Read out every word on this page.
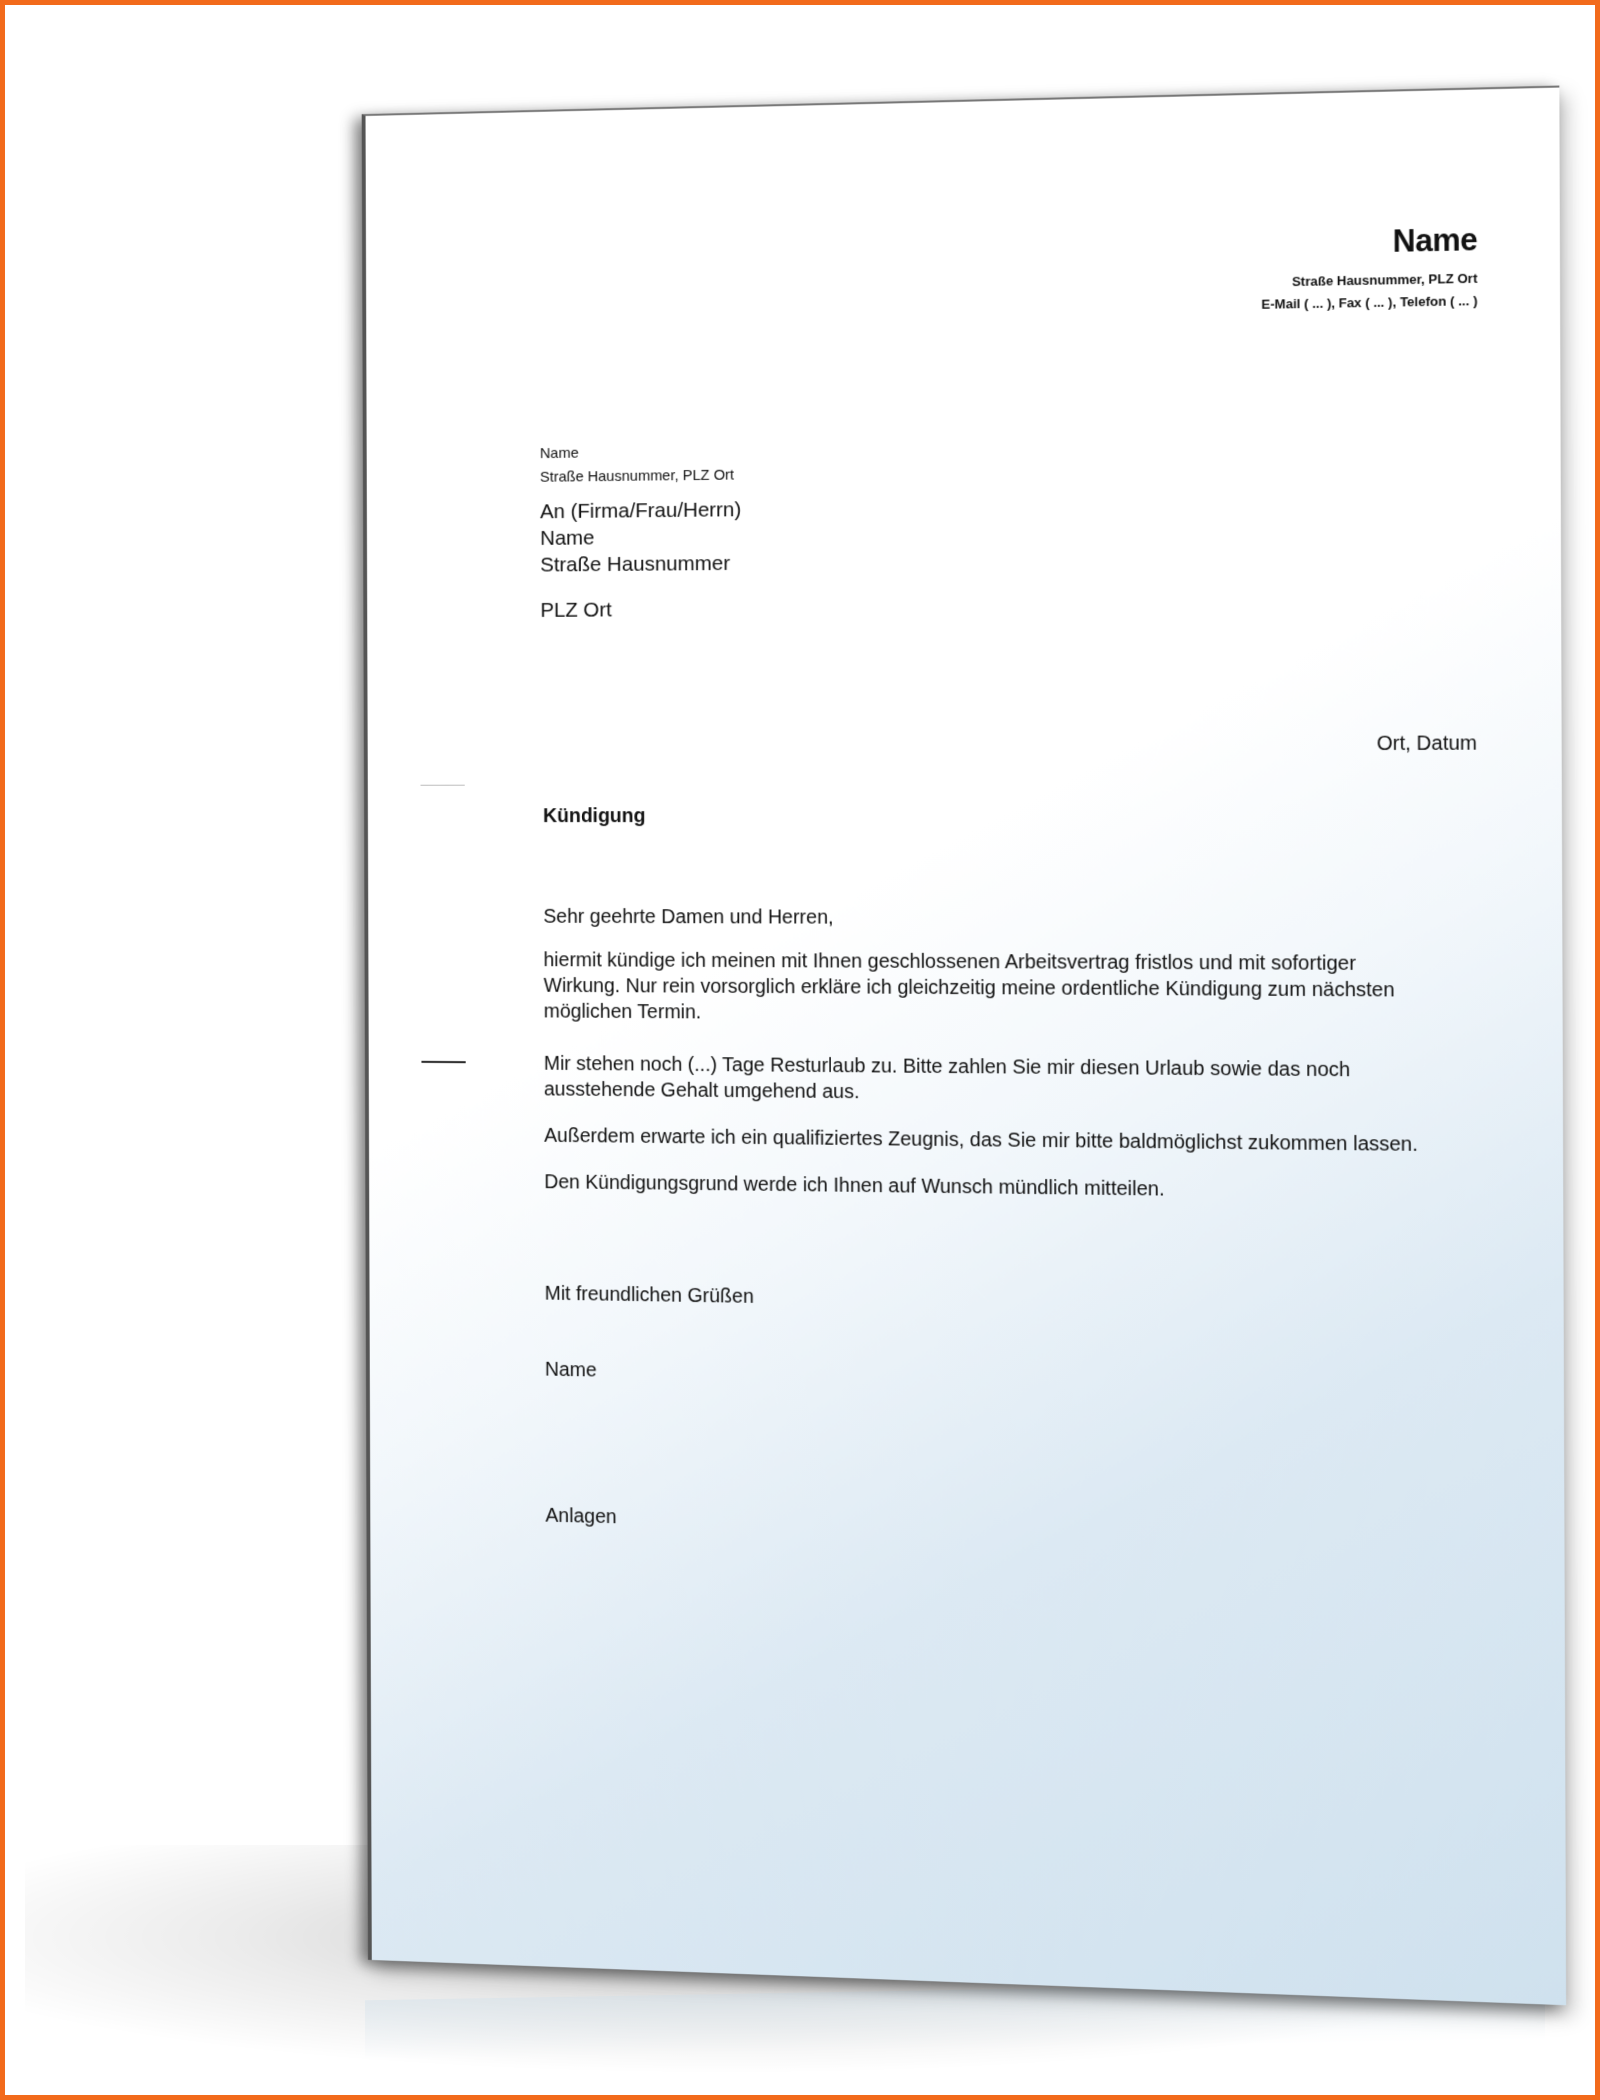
Name
Straße Hausnummer, PLZ Ort
E-Mail ( ... ), Fax ( ... ), Telefon ( ... )
Name
Straße Hausnummer, PLZ Ort
An (Firma/Frau/Herrn)
Name
Straße Hausnummer
PLZ Ort
Ort, Datum
Kündigung
Sehr geehrte Damen und Herren,
hiermit kündige ich meinen mit Ihnen geschlossenen Arbeitsvertrag fristlos und mit sofortiger Wirkung. Nur rein vorsorglich erkläre ich gleichzeitig meine ordentliche Kündigung zum nächsten möglichen Termin.
Mir stehen noch (...) Tage Resturlaub zu. Bitte zahlen Sie mir diesen Urlaub sowie das noch ausstehende Gehalt umgehend aus.
Außerdem erwarte ich ein qualifiziertes Zeugnis, das Sie mir bitte baldmöglichst zukommen lassen.
Den Kündigungsgrund werde ich Ihnen auf Wunsch mündlich mitteilen.
Mit freundlichen Grüßen
Name
Anlagen
